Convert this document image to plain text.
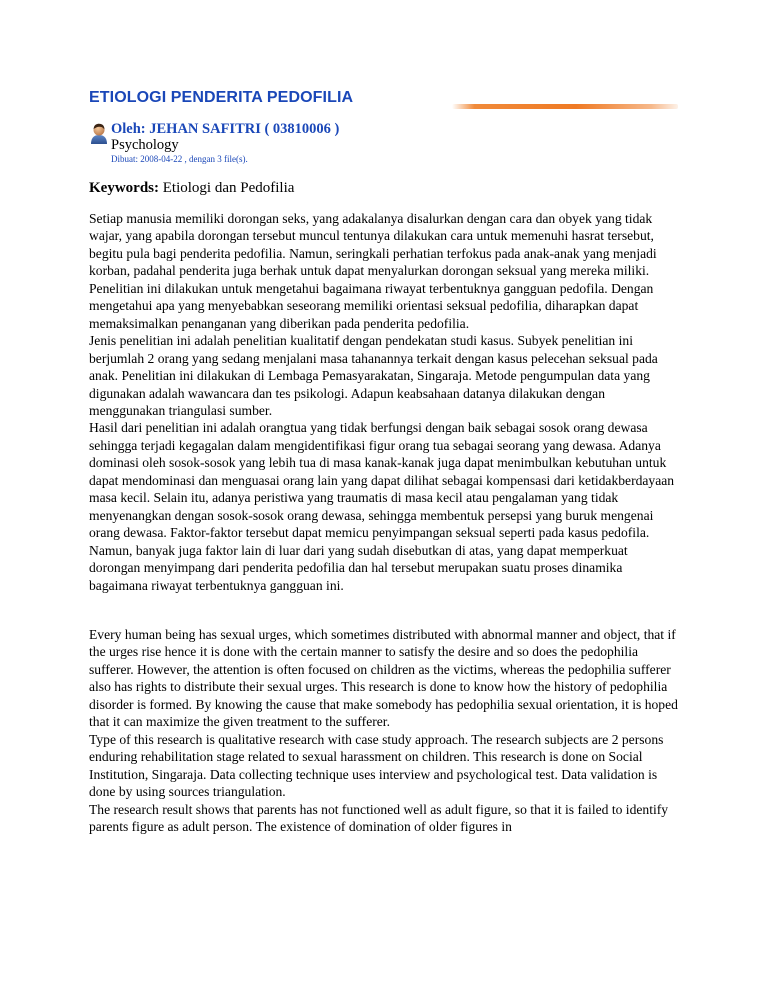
ETIOLOGI PENDERITA PEDOFILIA
Oleh: JEHAN SAFITRI ( 03810006 )
Psychology
Dibuat: 2008-04-22 , dengan 3 file(s).
Keywords: Etiologi dan Pedofilia

Setiap manusia memiliki dorongan seks, yang adakalanya disalurkan dengan cara dan obyek yang tidak wajar, yang apabila dorongan tersebut muncul tentunya dilakukan cara untuk memenuhi hasrat tersebut, begitu pula bagi penderita pedofilia. Namun, seringkali perhatian terfokus pada anak-anak yang menjadi korban, padahal penderita juga berhak untuk dapat menyalurkan dorongan seksual yang mereka miliki. Penelitian ini dilakukan untuk mengetahui bagaimana riwayat terbentuknya gangguan pedofila. Dengan mengetahui apa yang menyebabkan seseorang memiliki orientasi seksual pedofilia, diharapkan dapat memaksimalkan penanganan yang diberikan pada penderita pedofilia.

Jenis penelitian ini adalah penelitian kualitatif dengan pendekatan studi kasus. Subyek penelitian ini berjumlah 2 orang yang sedang menjalani masa tahanannya terkait dengan kasus pelecehan seksual pada anak. Penelitian ini dilakukan di Lembaga Pemasyarakatan, Singaraja. Metode pengumpulan data yang digunakan adalah wawancara dan tes psikologi. Adapun keabsahaan datanya dilakukan dengan menggunakan triangulasi sumber.

Hasil dari penelitian ini adalah orangtua yang tidak berfungsi dengan baik sebagai sosok orang dewasa sehingga terjadi kegagalan dalam mengidentifikasi figur orang tua sebagai seorang yang dewasa. Adanya dominasi oleh sosok-sosok yang lebih tua di masa kanak-kanak juga dapat menimbulkan kebutuhan untuk dapat mendominasi dan menguasai orang lain yang dapat dilihat sebagai kompensasi dari ketidakberdayaan masa kecil. Selain itu, adanya peristiwa yang traumatis di masa kecil atau pengalaman yang tidak menyenangkan dengan sosok-sosok orang dewasa, sehingga membentuk persepsi yang buruk mengenai orang dewasa. Faktor-faktor tersebut dapat memicu penyimpangan seksual seperti pada kasus pedofila. Namun, banyak juga faktor lain di luar dari yang sudah disebutkan di atas, yang dapat memperkuat dorongan menyimpang dari penderita pedofilia dan hal tersebut merupakan suatu proses dinamika bagaimana riwayat terbentuknya gangguan ini.

Every human being has sexual urges, which sometimes distributed with abnormal manner and object, that if the urges rise hence it is done with the certain manner to satisfy the desire and so does the pedophilia sufferer. However, the attention is often focused on children as the victims, whereas the pedophilia sufferer also has rights to distribute their sexual urges. This research is done to know how the history of pedophilia disorder is formed. By knowing the cause that make somebody has pedophilia sexual orientation, it is hoped that it can maximize the given treatment to the sufferer.

Type of this research is qualitative research with case study approach. The research subjects are 2 persons enduring rehabilitation stage related to sexual harassment on children. This research is done on Social Institution, Singaraja. Data collecting technique uses interview and psychological test. Data validation is done by using sources triangulation.

The research result shows that parents has not functioned well as adult figure, so that it is failed to identify parents figure as adult person. The existence of domination of older figures in
